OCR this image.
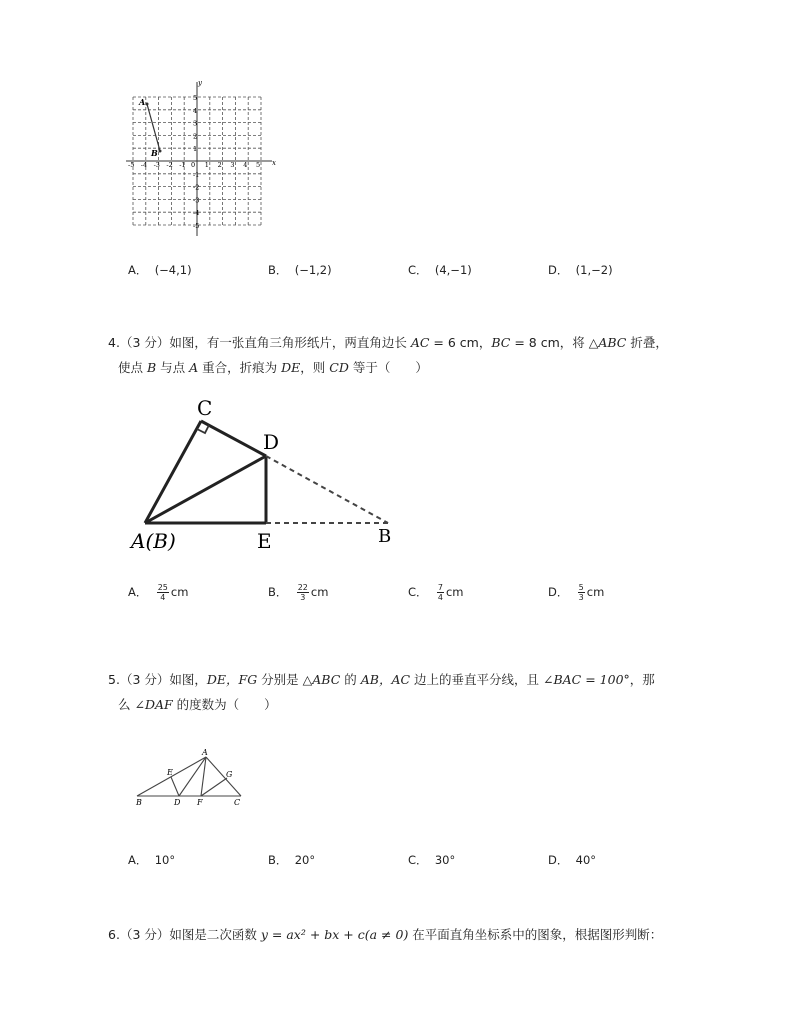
A
B
y
x
0
-5 -4 -3 -2 -1	1 2 3 4 5
5
4
3
2
1
-1
-2
-3
-4
-5
A． (−4,1)	B． (−1,2)	C． (4,−1)	D． (1,−2)
4.（3 分）如图，有一张直角三角形纸片，两直角边长 AC = 6 cm，BC = 8 cm，将 △ABC 折叠，
使点 B 与点 A 重合，折痕为 DE，则 CD 等于（　　）
C
D
A(B)	E	B
A． $\frac{25}{4}$ cm	B． $\frac{22}{3}$ cm	C． $\frac{7}{4}$ cm	D． $\frac{5}{3}$ cm
5.（3 分）如图，DE，FG 分别是 △ABC 的 AB，AC 边上的垂直平分线，且 ∠BAC = 100°，那
么 ∠DAF 的度数为（　　）
A
B	C
D
E
F
G
A． 10°	B． 20°	C． 30°	D． 40°
6.（3 分）如图是二次函数 y = ax² + bx + c(a ≠ 0) 在平面直角坐标系中的图象，根据图形判断：
